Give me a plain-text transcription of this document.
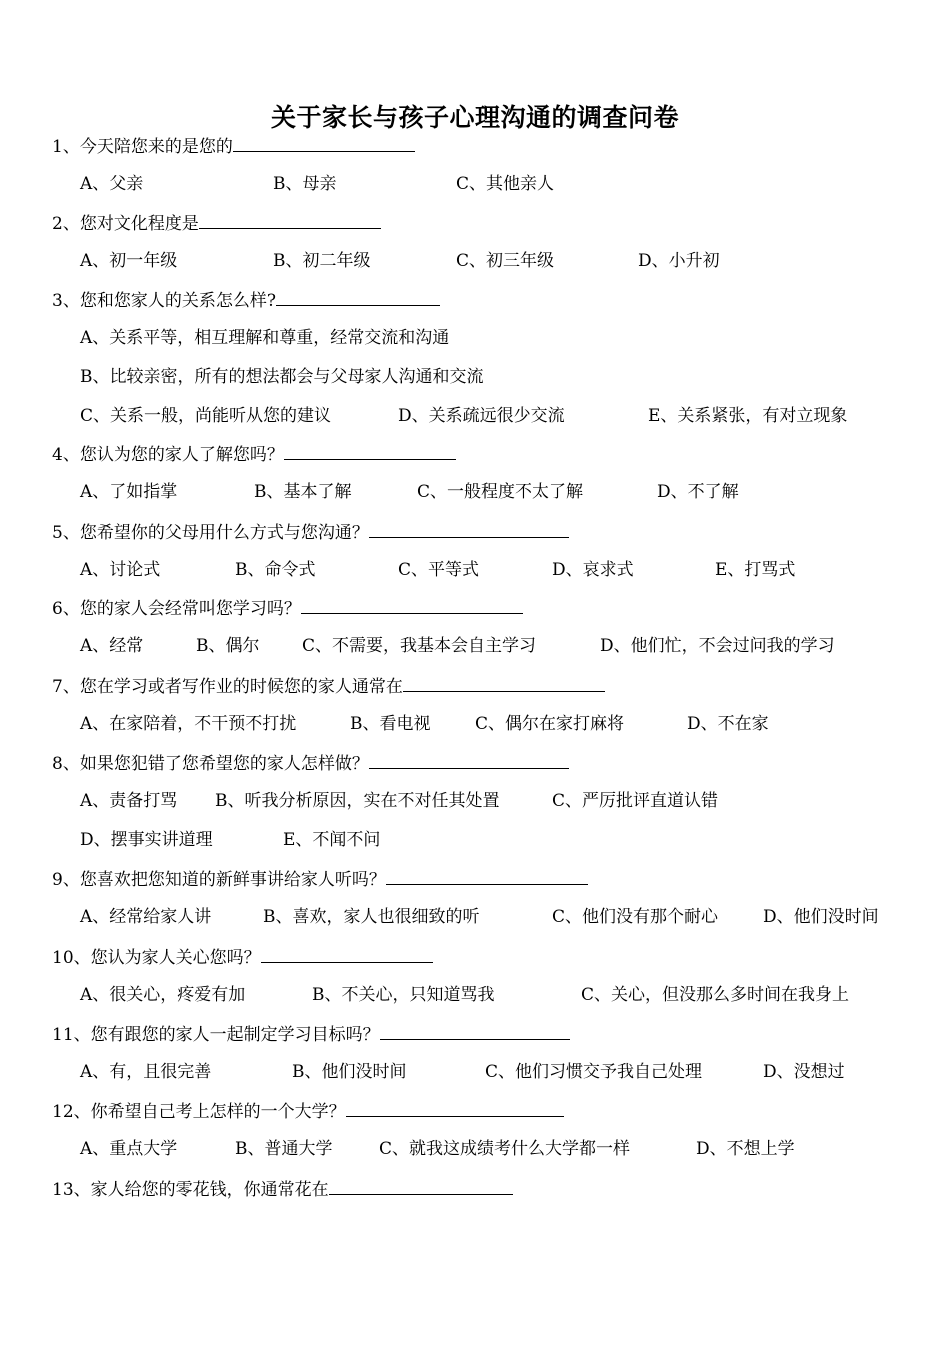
关于家长与孩子心理沟通的调查问卷
1、今天陪您来的是您的
A、父亲	B、母亲	C、其他亲人
2、您对文化程度是
A、初一年级	B、初二年级	C、初三年级	D、小升初
3、您和您家人的关系怎么样?
A、关系平等，相互理解和尊重，经常交流和沟通
B、比较亲密，所有的想法都会与父母家人沟通和交流
C、关系一般，尚能听从您的建议	D、关系疏远很少交流	E、关系紧张，有对立现象
4、您认为您的家人了解您吗？
A、了如指掌	B、基本了解	C、一般程度不太了解	D、不了解
5、您希望你的父母用什么方式与您沟通？
A、讨论式	B、命令式	C、平等式	D、哀求式	E、打骂式
6、您的家人会经常叫您学习吗？
A、经常	B、偶尔	C、不需要，我基本会自主学习	D、他们忙，不会过问我的学习
7、您在学习或者写作业的时候您的家人通常在
A、在家陪着，不干预不打扰	B、看电视	C、偶尔在家打麻将	D、不在家
8、如果您犯错了您希望您的家人怎样做？
A、责备打骂 B、听我分析原因，实在不对任其处置	C、严厉批评直道认错
D、摆事实讲道理	E、不闻不问
9、您喜欢把您知道的新鲜事讲给家人听吗？
A、经常给家人讲	B、喜欢，家人也很细致的听	C、他们没有那个耐心	D、他们没时间
10、您认为家人关心您吗？
A、很关心，疼爱有加	B、不关心，只知道骂我	C、关心，但没那么多时间在我身上
11、您有跟您的家人一起制定学习目标吗？
A、有，且很完善	B、他们没时间	C、他们习惯交予我自己处理	D、没想过
12、你希望自己考上怎样的一个大学？
A、重点大学	B、普通大学	C、就我这成绩考什么大学都一样	D、不想上学
13、家人给您的零花钱，你通常花在
